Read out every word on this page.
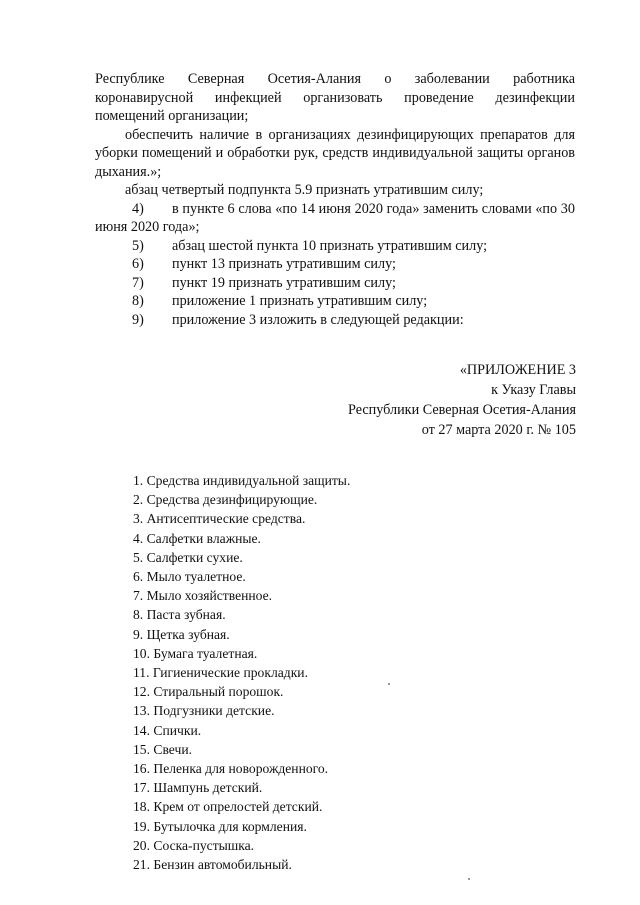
Республике Северная Осетия-Алания о заболевании работника коронавирусной инфекцией организовать проведение дезинфекции помещений организации;

обеспечить наличие в организациях дезинфицирующих препаратов для уборки помещений и обработки рук, средств индивидуальной защиты органов дыхания.»;

абзац четвертый подпункта 5.9 признать утратившим силу;

4) в пункте 6 слова «по 14 июня 2020 года» заменить словами «по 30 июня 2020 года»;

5)	абзац шестой пункта 10 признать утратившим силу;
6)	пункт 13 признать утратившим силу;
7)	пункт 19 признать утратившим силу;
8)	приложение 1 признать утратившим силу;
9)	приложение 3 изложить в следующей редакции:
«ПРИЛОЖЕНИЕ 3
к Указу Главы
Республики Северная Осетия-Алания
от 27 марта 2020 г. № 105
1. Средства индивидуальной защиты.
2. Средства дезинфицирующие.
3. Антисептические средства.
4. Салфетки влажные.
5. Салфетки сухие.
6. Мыло туалетное.
7. Мыло хозяйственное.
8. Паста зубная.
9. Щетка зубная.
10. Бумага туалетная.
11. Гигиенические прокладки.
12. Стиральный порошок.
13. Подгузники детские.
14. Спички.
15. Свечи.
16. Пеленка для новорожденного.
17. Шампунь детский.
18. Крем от опрелостей детский.
19. Бутылочка для кормления.
20. Соска-пустышка.
21. Бензин автомобильный.
